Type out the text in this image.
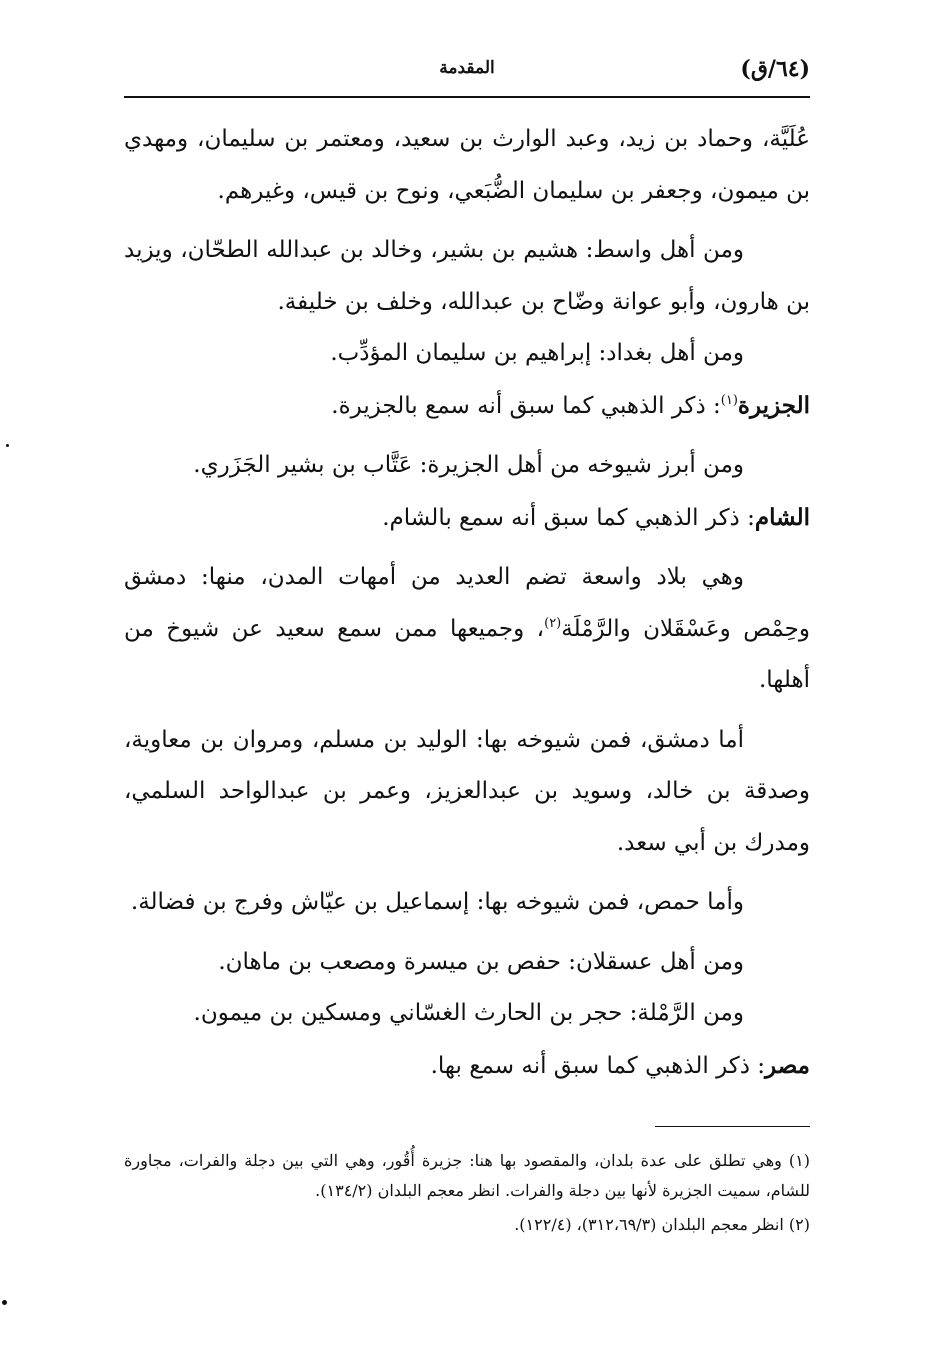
(٦٤/ق)
المقدمة

عُلَيَّة، وحماد بن زيد، وعبد الوارث بن سعيد، ومعتمر بن سليمان، ومهدي بن ميمون، وجعفر بن سليمان الضُّبَعي، ونوح بن قيس، وغيرهم.

ومن أهل واسط: هشيم بن بشير، وخالد بن عبدالله الطحّان، ويزيد بن هارون، وأبو عوانة وضّاح بن عبدالله، وخلف بن خليفة.

ومن أهل بغداد: إبراهيم بن سليمان المؤدِّب.

الجزيرة$^{(١)}$: ذكر الذهبي كما سبق أنه سمع بالجزيرة.

ومن أبرز شيوخه من أهل الجزيرة: عَتَّاب بن بشير الجَزَري.

الشام: ذكر الذهبي كما سبق أنه سمع بالشام.

وهي بلاد واسعة تضم العديد من أمهات المدن، منها: دمشق وحِمْص وعَسْقَلان والرَّمْلَة$^{(٢)}$، وجميعها ممن سمع سعيد عن شيوخ من أهلها.

أما دمشق، فمن شيوخه بها: الوليد بن مسلم، ومروان بن معاوية، وصدقة بن خالد، وسويد بن عبدالعزيز، وعمر بن عبدالواحد السلمي، ومدرك بن أبي سعد.

وأما حمص، فمن شيوخه بها: إسماعيل بن عيّاش وفرج بن فضالة.

ومن أهل عسقلان: حفص بن ميسرة ومصعب بن ماهان.

ومن الرَّمْلة: حجر بن الحارث الغسّاني ومسكين بن ميمون.

مصر: ذكر الذهبي كما سبق أنه سمع بها.

(١) وهي تطلق على عدة بلدان، والمقصود بها هنا: جزيرة أُقُور، وهي التي بين دجلة والفرات، مجاورة للشام، سميت الجزيرة لأنها بين دجلة والفرات. انظر معجم البلدان (١٣٤/٢).

(٢) انظر معجم البلدان (٣١٢،٦٩/٣)، (١٢٢/٤).
